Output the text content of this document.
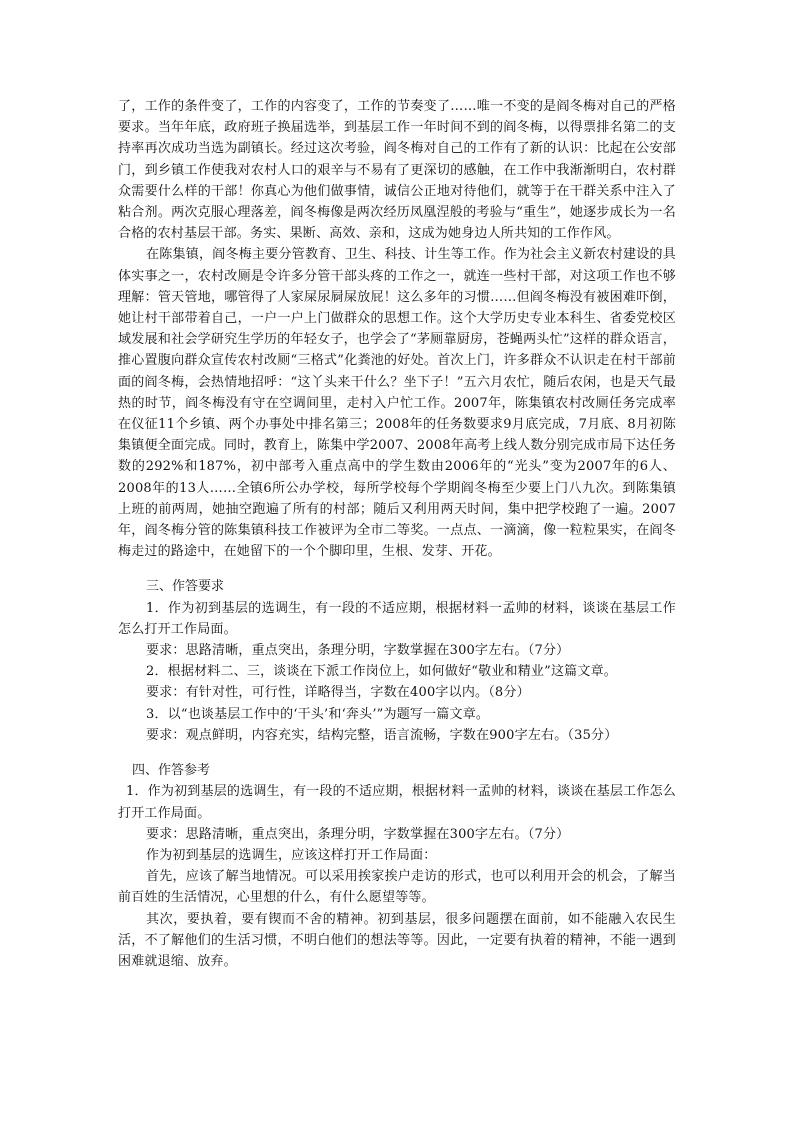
了，工作的条件变了，工作的内容变了，工作的节奏变了……唯一不变的是阎冬梅对自己的严格要求。当年年底，政府班子换届选举，到基层工作一年时间不到的阎冬梅，以得票排名第二的支持率再次成功当选为副镇长。经过这次考验，阎冬梅对自己的工作有了新的认识：比起在公安部门，到乡镇工作使我对农村人口的艰辛与不易有了更深切的感触，在工作中我渐渐明白，农村群众需要什么样的干部！你真心为他们做事情，诚信公正地对待他们，就等于在干群关系中注入了粘合剂。两次克服心理落差，阎冬梅像是两次经历凤凰涅般的考验与“重生”，她逐步成长为一名合格的农村基层干部。务实、果断、高效、亲和，这成为她身边人所共知的工作作风。

在陈集镇，阎冬梅主要分管教育、卫生、科技、计生等工作。作为社会主义新农村建设的具体实事之一，农村改厕是令许多分管干部头疼的工作之一，就连一些村干部，对这项工作也不够理解：管天管地，哪管得了人家屎尿屙屎放屁！这么多年的习惯……但阎冬梅没有被困难吓倒，她让村干部带着自己，一户一户上门做群众的思想工作。这个大学历史专业本科生、省委党校区域发展和社会学研究生学历的年轻女子，也学会了“茅厕靠厨房，苍蝇两头忙”这样的群众语言，推心置腹向群众宣传农村改厕“三格式”化粪池的好处。首次上门，许多群众不认识走在村干部前面的阎冬梅，会热情地招呼：“这丫头来干什么？坐下子！”五六月农忙，随后农闲，也是天气最热的时节，阎冬梅没有守在空调间里，走村入户忙工作。2007年，陈集镇农村改厕任务完成率在仪征11个乡镇、两个办事处中排名第三；2008年的任务数要求9月底完成，7月底、8月初陈集镇便全面完成。同时，教育上，陈集中学2007、2008年高考上线人数分别完成市局下达任务数的292%和187%，初中部考入重点高中的学生数由2006年的“光头”变为2007年的6人、2008年的13人……全镇6所公办学校，每所学校每个学期阎冬梅至少要上门八九次。到陈集镇上班的前两周，她抽空跑遍了所有的村部；随后又利用两天时间，集中把学校跑了一遍。2007年，阎冬梅分管的陈集镇科技工作被评为全市二等奖。一点点、一滴滴，像一粒粒果实，在阎冬梅走过的路途中，在她留下的一个个脚印里，生根、发芽、开花。

三、作答要求

1．作为初到基层的选调生，有一段的不适应期，根据材料一孟帅的材料，谈谈在基层工作怎么打开工作局面。

要求：思路清晰，重点突出，条理分明，字数掌握在300字左右。（7分）

2．根据材料二、三，谈谈在下派工作岗位上，如何做好“敬业和精业”这篇文章。

要求：有针对性，可行性，详略得当，字数在400字以内。（8分）

3．以“也谈基层工作中的‘干头’和‘奔头’”为题写一篇文章。

要求：观点鲜明，内容充实，结构完整，语言流畅，字数在900字左右。（35分）

四、作答参考

1．作为初到基层的选调生，有一段的不适应期，根据材料一孟帅的材料，谈谈在基层工作怎么打开工作局面。

要求：思路清晰，重点突出，条理分明，字数掌握在300字左右。（7分）

作为初到基层的选调生，应该这样打开工作局面：

首先，应该了解当地情况。可以采用挨家挨户走访的形式，也可以利用开会的机会，了解当前百姓的生活情况，心里想的什么，有什么愿望等等。

其次，要执着，要有锲而不舍的精神。初到基层，很多问题摆在面前，如不能融入农民生活，不了解他们的生活习惯，不明白他们的想法等等。因此，一定要有执着的精神，不能一遇到困难就退缩、放弃。
